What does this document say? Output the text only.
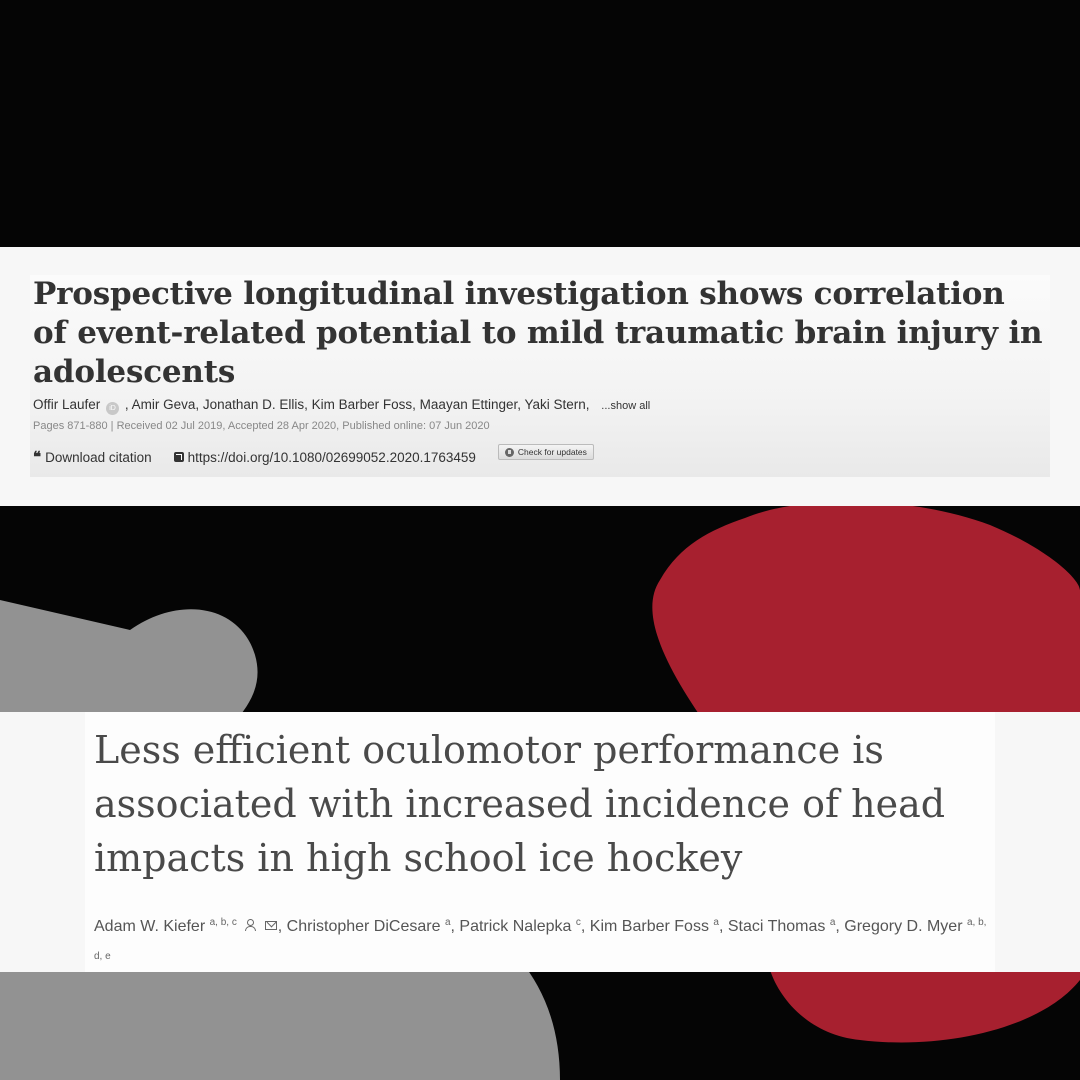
Prospective longitudinal investigation shows correlation of event-related potential to mild traumatic brain injury in adolescents
Offir Laufer iD , Amir Geva, Jonathan D. Ellis, Kim Barber Foss, Maayan Ettinger, Yaki Stern, ...show all
Pages 871-880 | Received 02 Jul 2019, Accepted 28 Apr 2020, Published online: 07 Jun 2020
❝ Download citation	https://doi.org/10.1080/02699052.2020.1763459	Check for updates
Less efficient oculomotor performance is associated with increased incidence of head impacts in high school ice hockey
Adam W. Kiefer $^{a, b, c}$	, Christopher DiCesare $^a$, Patrick Nalepka $^c$, Kim Barber Foss $^a$, Staci Thomas $^a$, Gregory D. Myer $^{a, b, d, e}$
